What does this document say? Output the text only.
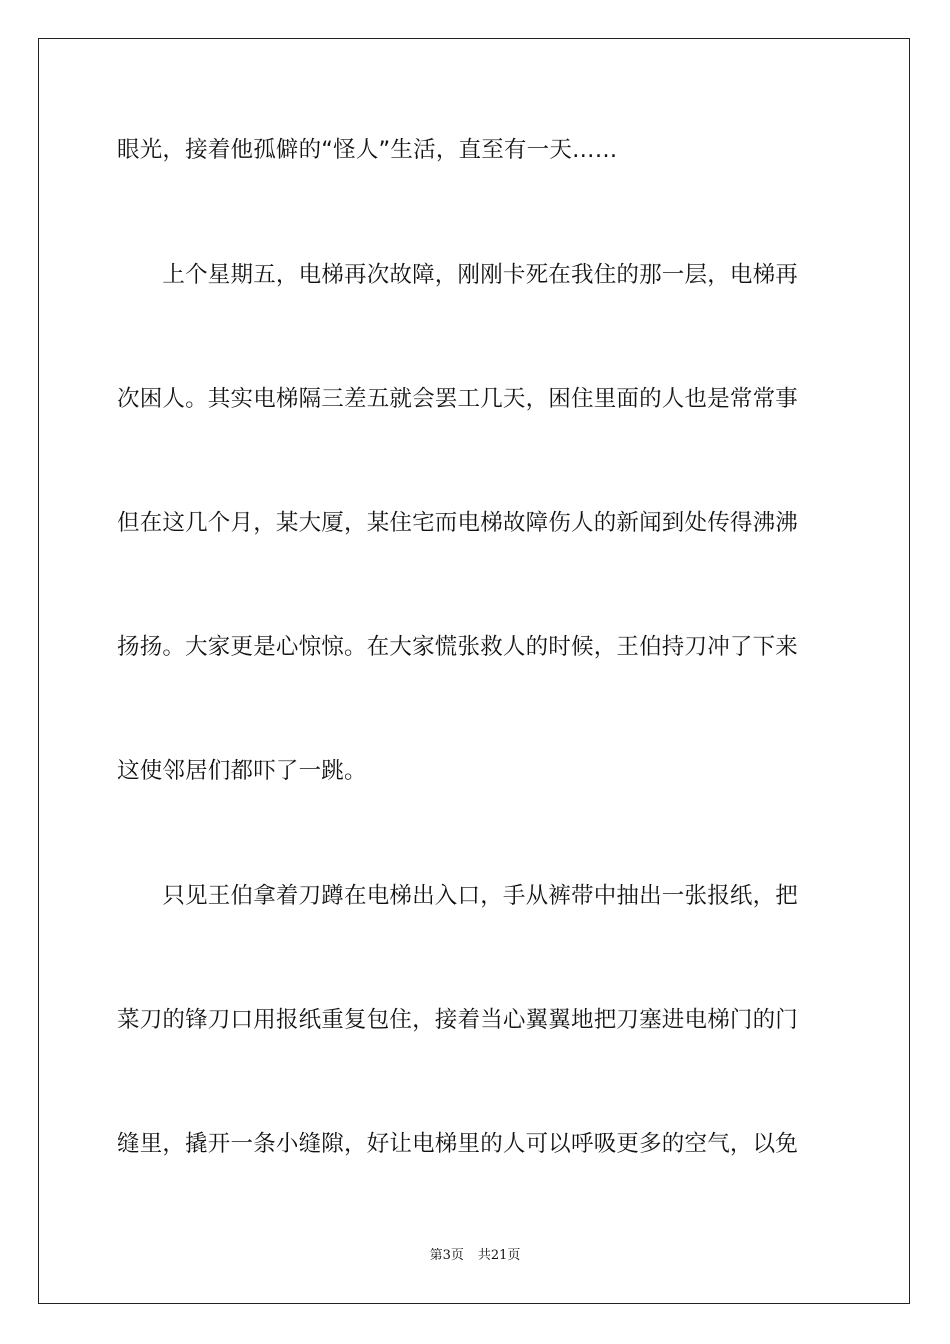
眼光，接着他孤僻的“怪人”生活，直至有一天……
　　上个星期五，电梯再次故障，刚刚卡死在我住的那一层，电梯再
次困人。其实电梯隔三差五就会罢工几天，困住里面的人也是常常事
但在这几个月，某大厦，某住宅而电梯故障伤人的新闻到处传得沸沸
扬扬。大家更是心惊惊。在大家慌张救人的时候，王伯持刀冲了下来
这使邻居们都吓了一跳。
　　只见王伯拿着刀蹲在电梯出入口，手从裤带中抽出一张报纸，把
菜刀的锋刀口用报纸重复包住，接着当心翼翼地把刀塞进电梯门的门
缝里，撬开一条小缝隙，好让电梯里的人可以呼吸更多的空气，以免
第3页 共21页
